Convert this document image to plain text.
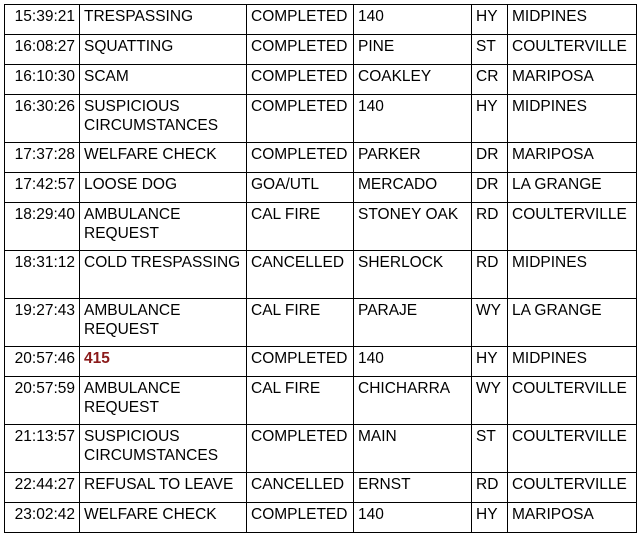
15:39:21	TRESPASSING	COMPLETED	140	HY	MIDPINES
16:08:27	SQUATTING	COMPLETED	PINE	ST	COULTERVILLE
16:10:30	SCAM	COMPLETED	COAKLEY	CR	MARIPOSA
16:30:26	SUSPICIOUS CIRCUMSTANCES	COMPLETED	140	HY	MIDPINES
17:37:28	WELFARE CHECK	COMPLETED	PARKER	DR	MARIPOSA
17:42:57	LOOSE DOG	GOA/UTL	MERCADO	DR	LA GRANGE
18:29:40	AMBULANCE REQUEST	CAL FIRE	STONEY OAK	RD	COULTERVILLE
18:31:12	COLD TRESPASSING	CANCELLED	SHERLOCK	RD	MIDPINES
19:27:43	AMBULANCE REQUEST	CAL FIRE	PARAJE	WY	LA GRANGE
20:57:46	415	COMPLETED	140	HY	MIDPINES
20:57:59	AMBULANCE REQUEST	CAL FIRE	CHICHARRA	WY	COULTERVILLE
21:13:57	SUSPICIOUS CIRCUMSTANCES	COMPLETED	MAIN	ST	COULTERVILLE
22:44:27	REFUSAL TO LEAVE	CANCELLED	ERNST	RD	COULTERVILLE
23:02:42	WELFARE CHECK	COMPLETED	140	HY	MARIPOSA
